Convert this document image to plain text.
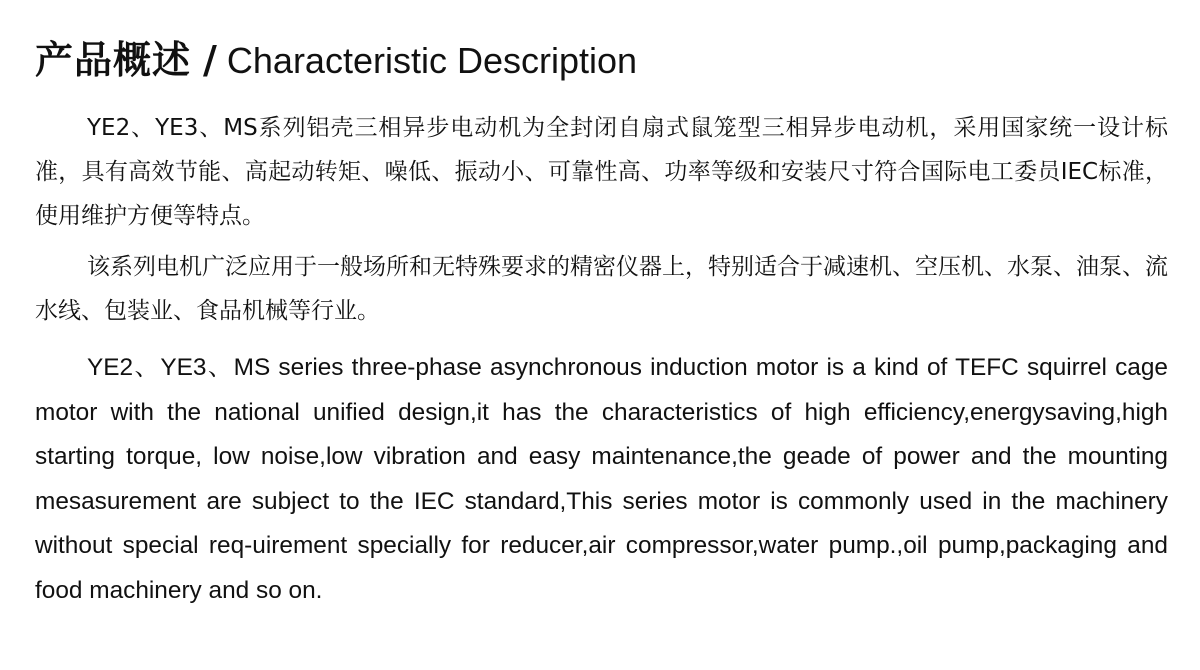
产品概述 / Characteristic Description

YE2、YE3、MS系列铝壳三相异步电动机为全封闭自扇式鼠笼型三相异步电动机，采用国家统一设计标准，具有高效节能、高起动转矩、噪低、振动小、可靠性高、功率等级和安装尺寸符合国际电工委员IEC标准，使用维护方便等特点。

该系列电机广泛应用于一般场所和无特殊要求的精密仪器上，特别适合于减速机、空压机、水泵、油泵、流水线、包装业、食品机械等行业。

YE2、YE3、MS series three-phase asynchronous induction motor is a kind of TEFC squirrel cage motor with the national unified design,it has the characteristics of high efficiency,energysaving,high starting torque, low noise,low vibration and easy maintenance,the geade of power and the mounting mesasurement are subject to the IEC standard,This series motor is commonly used in the machinery without special req-uirement specially for reducer,air compressor,water pump.,oil pump,packaging and food machinery and so on.
